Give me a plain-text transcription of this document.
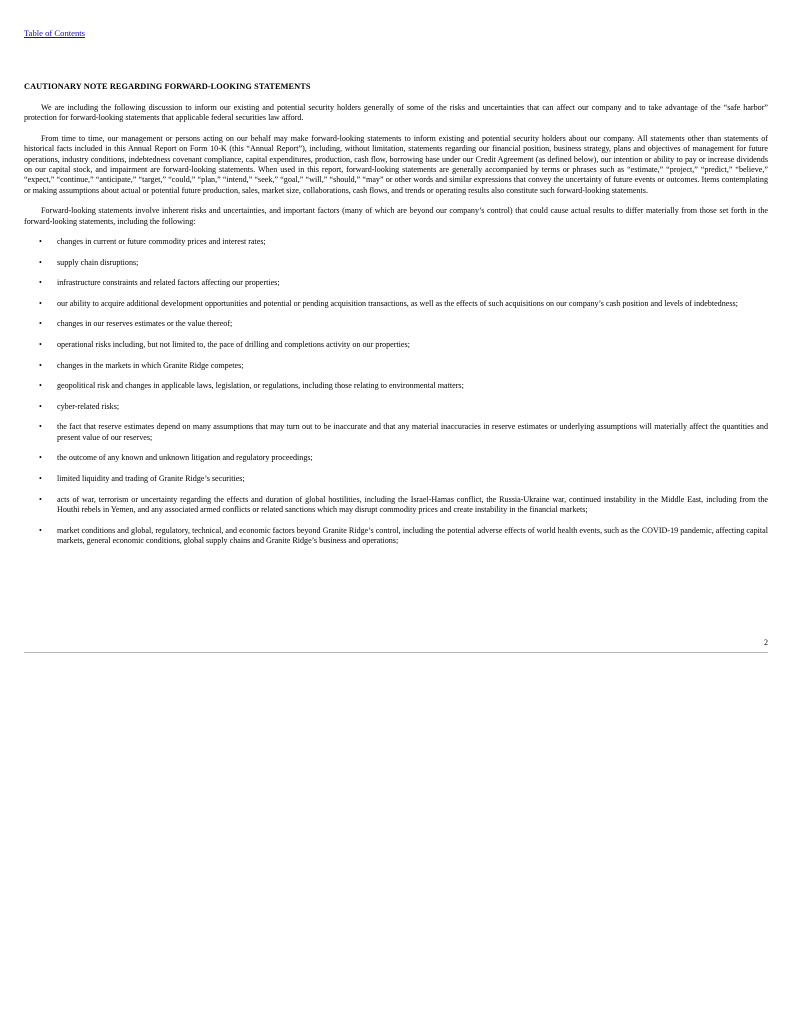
Table of Contents
CAUTIONARY NOTE REGARDING FORWARD-LOOKING STATEMENTS

We are including the following discussion to inform our existing and potential security holders generally of some of the risks and uncertainties that can affect our company and to take advantage of the “safe harbor” protection for forward-looking statements that applicable federal securities law afford.

From time to time, our management or persons acting on our behalf may make forward-looking statements to inform existing and potential security holders about our company. All statements other than statements of historical facts included in this Annual Report on Form 10-K (this “Annual Report”), including, without limitation, statements regarding our financial position, business strategy, plans and objectives of management for future operations, industry conditions, indebtedness covenant compliance, capital expenditures, production, cash flow, borrowing base under our Credit Agreement (as defined below), our intention or ability to pay or increase dividends on our capital stock, and impairment are forward-looking statements. When used in this report, forward-looking statements are generally accompanied by terms or phrases such as “estimate,” “project,” “predict,” “believe,” “expect,” “continue,” “anticipate,” “target,” “could,” “plan,” “intend,” “seek,” “goal,” “will,” “should,” “may” or other words and similar expressions that convey the uncertainty of future events or outcomes. Items contemplating or making assumptions about actual or potential future production, sales, market size, collaborations, cash flows, and trends or operating results also constitute such forward-looking statements.

Forward-looking statements involve inherent risks and uncertainties, and important factors (many of which are beyond our company’s control) that could cause actual results to differ materially from those set forth in the forward-looking statements, including the following:

• changes in current or future commodity prices and interest rates;
• supply chain disruptions;
• infrastructure constraints and related factors affecting our properties;
• our ability to acquire additional development opportunities and potential or pending acquisition transactions, as well as the effects of such acquisitions on our company’s cash position and levels of indebtedness;
• changes in our reserves estimates or the value thereof;
• operational risks including, but not limited to, the pace of drilling and completions activity on our properties;
• changes in the markets in which Granite Ridge competes;
• geopolitical risk and changes in applicable laws, legislation, or regulations, including those relating to environmental matters;
• cyber-related risks;
• the fact that reserve estimates depend on many assumptions that may turn out to be inaccurate and that any material inaccuracies in reserve estimates or underlying assumptions will materially affect the quantities and present value of our reserves;
• the outcome of any known and unknown litigation and regulatory proceedings;
• limited liquidity and trading of Granite Ridge’s securities;
• acts of war, terrorism or uncertainty regarding the effects and duration of global hostilities, including the Israel-Hamas conflict, the Russia-Ukraine war, continued instability in the Middle East, including from the Houthi rebels in Yemen, and any associated armed conflicts or related sanctions which may disrupt commodity prices and create instability in the financial markets;
• market conditions and global, regulatory, technical, and economic factors beyond Granite Ridge’s control, including the potential adverse effects of world health events, such as the COVID-19 pandemic, affecting capital markets, general economic conditions, global supply chains and Granite Ridge’s business and operations;
2
